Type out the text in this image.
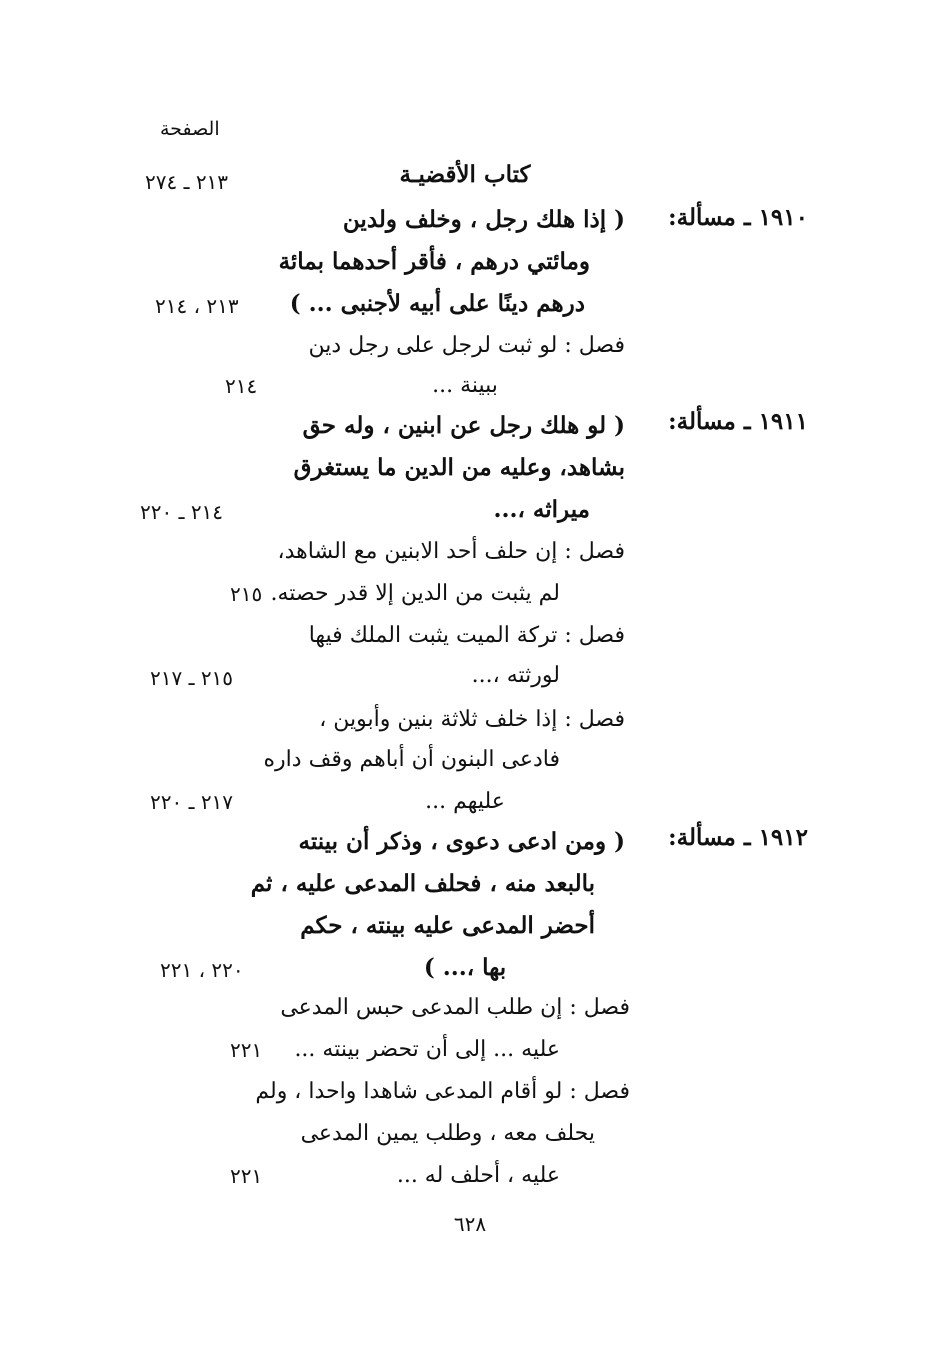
الصفحة
كتاب الأقضيـة
٢١٣ ـ ٢٧٤
١٩١٠ ـ مسألة:
( إذا هلك رجل ، وخلف ولدين
ومائتي درهم ، فأقر أحدهما بمائة
درهم دينًا على أبيه لأجنبى ... )
٢١٣ ، ٢١٤
فصل : لو ثبت لرجل على رجل دين
ببينة ...
٢١٤
١٩١١ ـ مسألة:
( لو هلك رجل عن ابنين ، وله حق
بشاهد، وعليه من الدين ما يستغرق
ميراثه ،...
٢١٤ ـ ٢٢٠
فصل : إن حلف أحد الابنين مع الشاهد،
لم يثبت من الدين إلا قدر حصته.
٢١٥
فصل : تركة الميت يثبت الملك فيها
لورثته ،...
٢١٥ ـ ٢١٧
فصل : إذا خلف ثلاثة بنين وأبوين ،
فادعى البنون أن أباهم وقف داره
عليهم ...
٢١٧ ـ ٢٢٠
١٩١٢ ـ مسألة:
( ومن ادعى دعوى ، وذكر أن بينته
بالبعد منه ، فحلف المدعى عليه ، ثم
أحضر المدعى عليه بينته ، حكم
بها ،... )
٢٢٠ ، ٢٢١
فصل : إن طلب المدعى حبس المدعى
عليه ... إلى أن تحضر بينته ...
٢٢١
فصل : لو أقام المدعى شاهدا واحدا ، ولم
يحلف معه ، وطلب يمين المدعى
عليه ، أحلف له ...
٢٢١
٦٢٨
